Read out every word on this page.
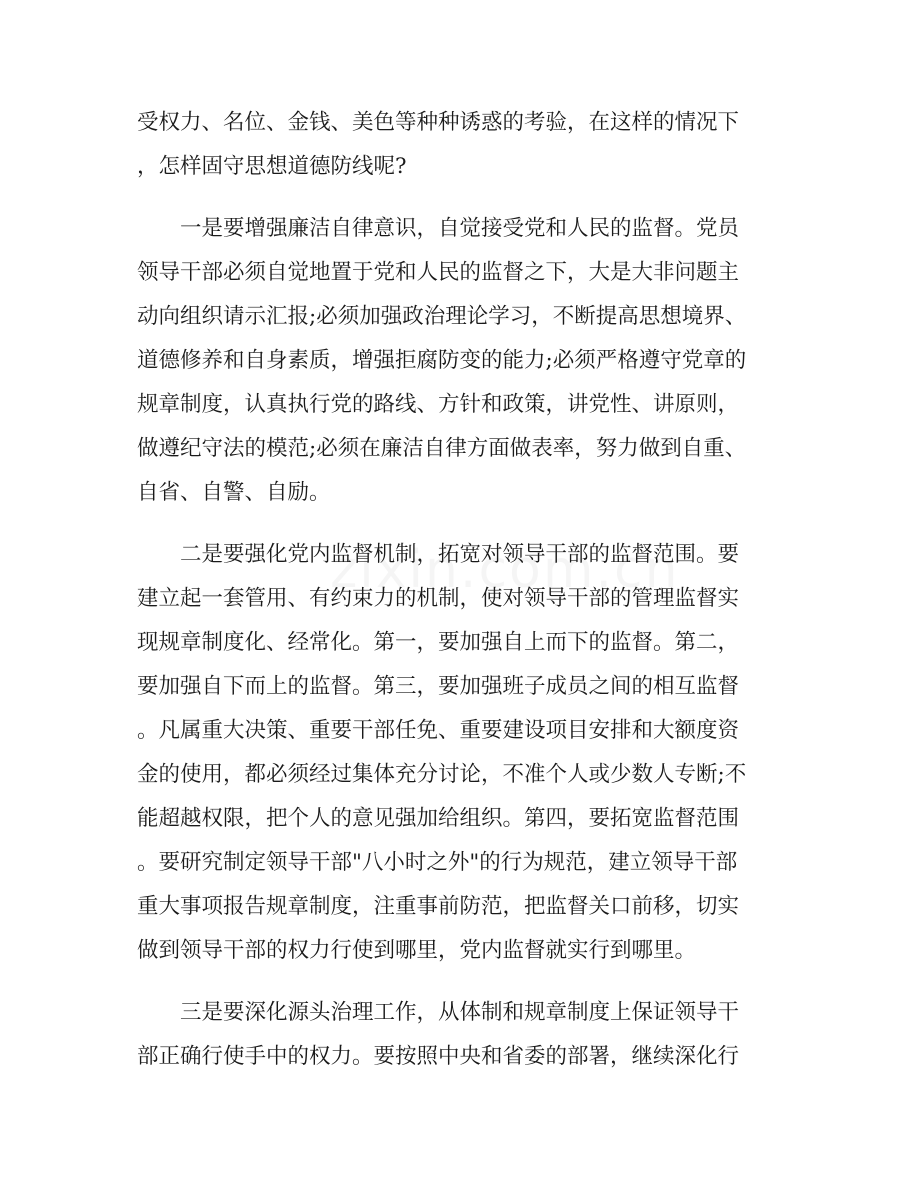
受权力、名位、金钱、美色等种种诱惑的考验，在这样的情况下
，怎样固守思想道德防线呢?
　　一是要增强廉洁自律意识，自觉接受党和人民的监督。党员
领导干部必须自觉地置于党和人民的监督之下，大是大非问题主
动向组织请示汇报;必须加强政治理论学习，不断提高思想境界、
道德修养和自身素质，增强拒腐防变的能力;必须严格遵守党章的
规章制度，认真执行党的路线、方针和政策，讲党性、讲原则，
做遵纪守法的模范;必须在廉洁自律方面做表率，努力做到自重、
自省、自警、自励。
　　二是要强化党内监督机制，拓宽对领导干部的监督范围。要
建立起一套管用、有约束力的机制，使对领导干部的管理监督实
现规章制度化、经常化。第一，要加强自上而下的监督。第二，
要加强自下而上的监督。第三，要加强班子成员之间的相互监督
。凡属重大决策、重要干部任免、重要建设项目安排和大额度资
金的使用，都必须经过集体充分讨论，不准个人或少数人专断;不
能超越权限，把个人的意见强加给组织。第四，要拓宽监督范围
。要研究制定领导干部"八小时之外"的行为规范，建立领导干部
重大事项报告规章制度，注重事前防范，把监督关口前移，切实
做到领导干部的权力行使到哪里，党内监督就实行到哪里。
　　三是要深化源头治理工作，从体制和规章制度上保证领导干
部正确行使手中的权力。要按照中央和省委的部署，继续深化行
